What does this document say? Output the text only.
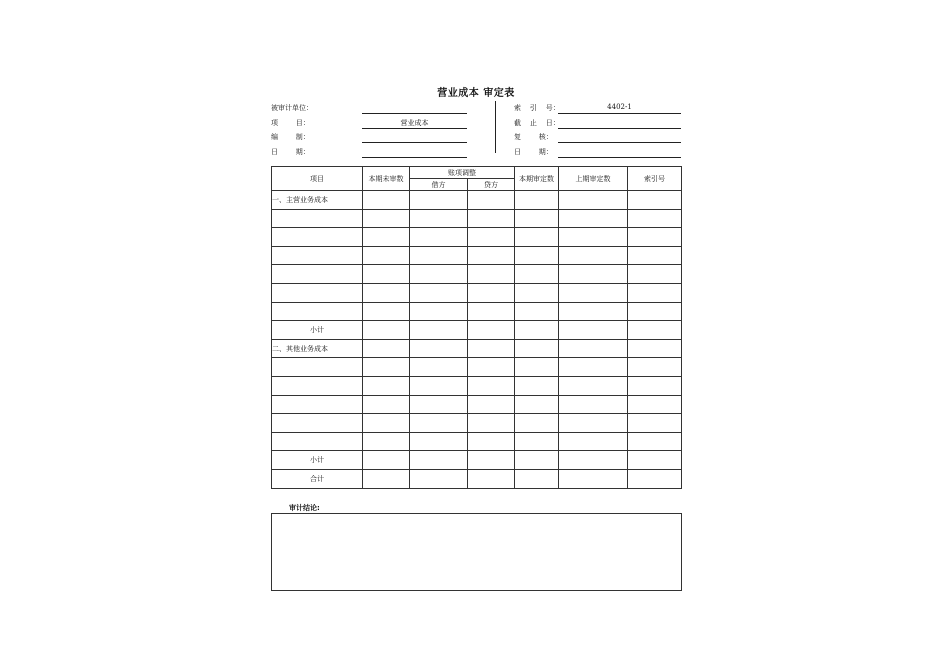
营业成本 审定表
被审计单位：
项        目：	营业成本
编        制：
日        期：
索    引    号：	4402-1
截    止    日：
复        核：
日        期：
项目	本期未审数	账项调整		本期审定数	上期审定数	索引号
		借方	贷方			
一、主营业务成本						

小计						
二、其他业务成本						

小计						
合计						
审计结论:
